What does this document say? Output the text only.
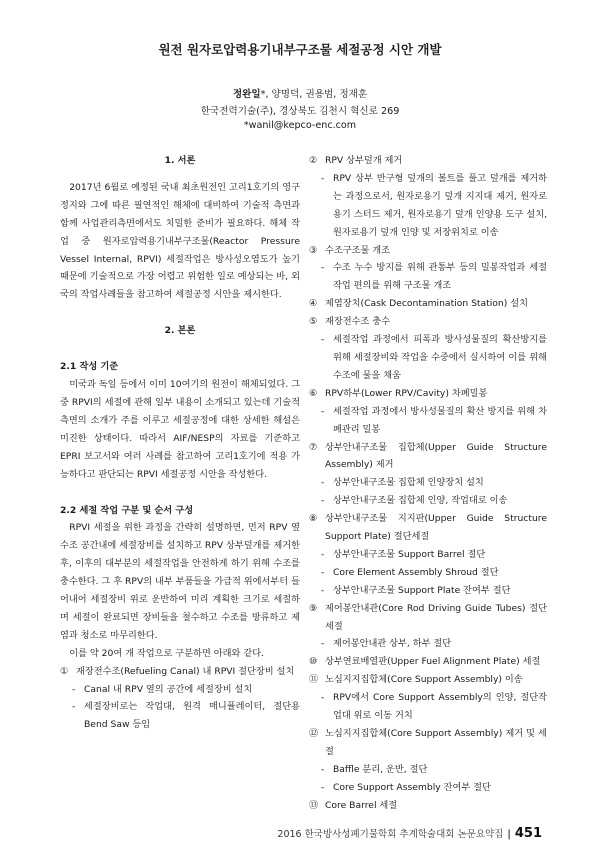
원전 원자로압력용기내부구조물 세절공정 시안 개발
정완일*, 양명덕, 권용범, 정재훈
한국전력기술(주), 경상북도 김천시 혁신로 269
*wanil@kepco-enc.com

1. 서론

2017년 6월로 예정된 국내 최초원전인 고리1호기의 영구정지와 그에 따른 필연적인 해체에 대비하여 기술적 측면과 함께 사업관리측면에서도 치밀한 준비가 필요하다. 해체 작업 중 원자로압력용기내부구조물(Reactor Pressure Vessel Internal, RPVI) 세절작업은 방사성오염도가 높기 때문에 기술적으로 가장 어렵고 위험한 일로 예상되는 바, 외국의 작업사례들을 참고하여 세절공정 시안을 제시한다.

2. 본론

2.1 작성 기준

미국과 독일 등에서 이미 10여기의 원전이 해체되었다. 그 중 RPVI의 세절에 관해 일부 내용이 소개되고 있는데 기술적 측면의 소개가 주를 이루고 세절공정에 대한 상세한 해설은 미진한 상태이다. 따라서 AIF/NESP의 자료를 기준하고 EPRI 보고서와 여러 사례를 참고하여 고리1호기에 적용 가능하다고 판단되는 RPVI 세절공정 시안을 작성한다.

2.2 세절 작업 구분 및 순서 구성

RPVI 세절을 위한 과정을 간략히 설명하면, 먼저 RPV 옆 수조 공간내에 세절장비를 설치하고 RPV 상부덮개를 제거한 후, 이후의 대부분의 세절작업을 안전하게 하기 위해 수조를 충수한다. 그 후 RPV의 내부 부품들을 가급적 위에서부터 들어내어 세절장비 위로 운반하여 미리 계획한 크기로 세절하며 세절이 완료되면 장비들을 철수하고 수조를 방류하고 제염과 청소로 마무리한다.

이를 약 20여 개 작업으로 구분하면 아래와 같다.

① 재장전수조(Refueling Canal) 내 RPVI 절단장비 설치
- Canal 내 RPV 옆의 공간에 세절장비 설치
- 세절장비로는 작업대, 원격 매니퓰레이터, 절단용 Bend Saw 등임
② RPV 상부덮개 제거
- RPV 상부 반구형 덮개의 볼트를 풀고 덮개를 제거하는 과정으로서, 원자로용기 덮개 지지대 제거, 원자로용기 스터드 제거, 원자로용기 덮개 인양용 도구 설치, 원자로용기 덮개 인양 및 저장위치로 이송
③ 수조구조물 개조
- 수조 누수 방지를 위해 관통부 등의 밀봉작업과 세절작업 편의를 위해 구조물 개조
④ 제염장치(Cask Decontamination Station) 설치
⑤ 재장전수조 충수
- 세절작업 과정에서 피폭과 방사성물질의 확산방지를 위해 세절장비와 작업을 수중에서 실시하여 이를 위해 수조에 물을 채움
⑥ RPV하부(Lower RPV/Cavity) 차폐밀봉
- 세절작업 과정에서 방사성물질의 확산 방지를 위해 차폐관리 밀봉
⑦ 상부안내구조물 집합체(Upper Guide Structure Assembly) 제거
- 상부안내구조물 집합체 인양장치 설치
- 상부안내구조물 집합체 인양, 작업대로 이송
⑧ 상부안내구조물 지지판(Upper Guide Structure Support Plate) 절단세절
- 상부안내구조물 Support Barrel 절단
- Core Element Assembly Shroud 절단
- 상부안내구조물 Support Plate 잔여부 절단
⑨ 제어봉안내관(Core Rod Driving Guide Tubes) 절단세절
- 제어봉안내관 상부, 하부 절단
⑩ 상부연료배열판(Upper Fuel Alignment Plate) 세절
⑪ 노심지지집합체(Core Support Assembly) 이송
- RPV에서 Core Support Assembly의 인양, 절단작업대 위로 이동 거치
⑫ 노심지지집합체(Core Support Assembly) 제거 및 세절
- Baffle 분리, 운반, 절단
- Core Support Assembly 잔여부 절단
⑬ Core Barrel 세절
2016 한국방사성폐기물학회 추계학술대회 논문요약집 | 451
